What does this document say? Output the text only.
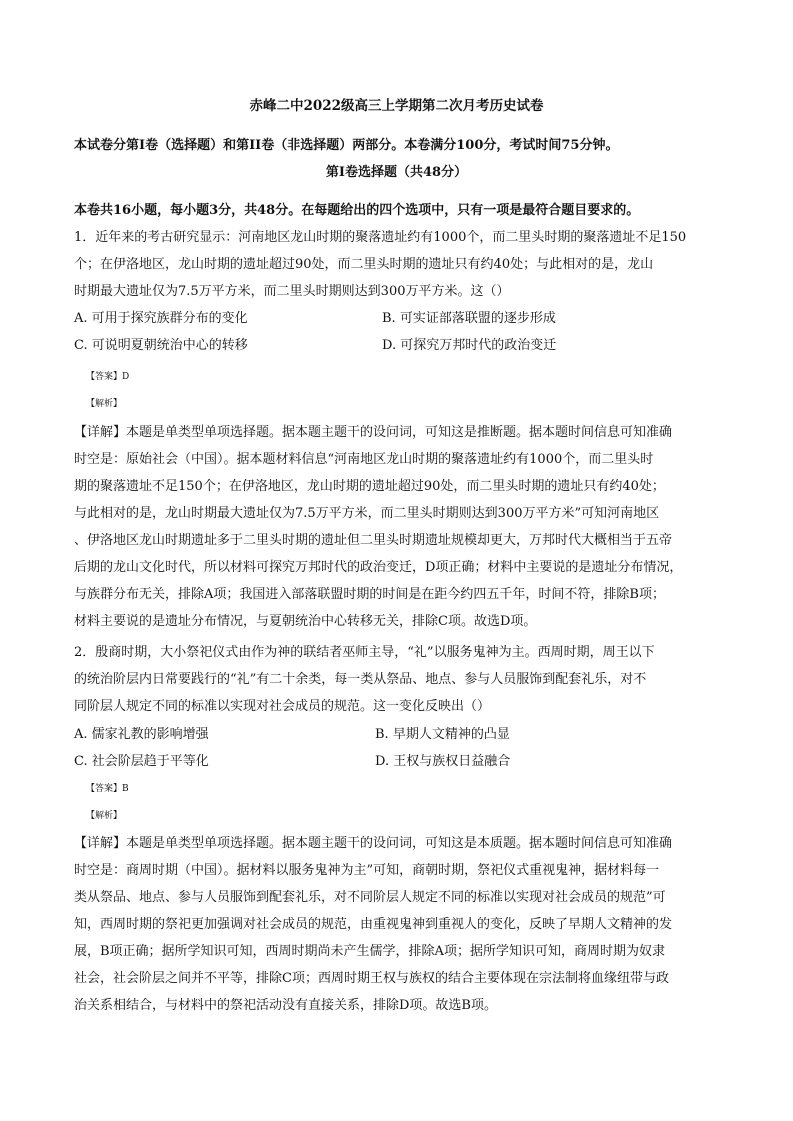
赤峰二中2022级高三上学期第二次月考历史试卷
本试卷分第I卷（选择题）和第II卷（非选择题）两部分。本卷满分100分，考试时间75分钟。
第I卷选择题（共48分）
本卷共16小题，每小题3分，共48分。在每题给出的四个选项中，只有一项是最符合题目要求的。
1．近年来的考古研究显示：河南地区龙山时期的聚落遗址约有1000个，而二里头时期的聚落遗址不足150
个；在伊洛地区，龙山时期的遗址超过90处，而二里头时期的遗址只有约40处；与此相对的是，龙山
时期最大遗址仅为7.5万平方米，而二里头时期则达到300万平方米。这（）
A. 可用于探究族群分布的变化	B. 可实证部落联盟的逐步形成
C. 可说明夏朝统治中心的转移	D. 可探究万邦时代的政治变迁
【答案】D
【解析】
【详解】本题是单类型单项选择题。据本题主题干的设问词，可知这是推断题。据本题时间信息可知准确
时空是：原始社会（中国）。据本题材料信息“河南地区龙山时期的聚落遗址约有1000个，而二里头时
期的聚落遗址不足150个；在伊洛地区，龙山时期的遗址超过90处，而二里头时期的遗址只有约40处；
与此相对的是，龙山时期最大遗址仅为7.5万平方米，而二里头时期则达到300万平方米”可知河南地区
、伊洛地区龙山时期遗址多于二里头时期的遗址但二里头时期遗址规模却更大，万邦时代大概相当于五帝
后期的龙山文化时代，所以材料可探究万邦时代的政治变迁，D项正确；材料中主要说的是遗址分布情况，
与族群分布无关，排除A项；我国进入部落联盟时期的时间是在距今约四五千年，时间不符，排除B项；
材料主要说的是遗址分布情况，与夏朝统治中心转移无关，排除C项。故选D项。
2．殷商时期，大小祭祀仪式由作为神的联结者巫师主导，“礼”以服务鬼神为主。西周时期，周王以下
的统治阶层内日常要践行的“礼”有二十余类，每一类从祭品、地点、参与人员服饰到配套礼乐，对不
同阶层人规定不同的标准以实现对社会成员的规范。这一变化反映出（）
A. 儒家礼教的影响增强	B. 早期人文精神的凸显
C. 社会阶层趋于平等化	D. 王权与族权日益融合
【答案】B
【解析】
【详解】本题是单类型单项选择题。据本题主题干的设问词，可知这是本质题。据本题时间信息可知准确
时空是：商周时期（中国）。据材料以服务鬼神为主”可知，商朝时期，祭祀仪式重视鬼神，据材料每一
类从祭品、地点、参与人员服饰到配套礼乐，对不同阶层人规定不同的标准以实现对社会成员的规范”可
知，西周时期的祭祀更加强调对社会成员的规范，由重视鬼神到重视人的变化，反映了早期人文精神的发
展，B项正确；据所学知识可知，西周时期尚未产生儒学，排除A项；据所学知识可知，商周时期为奴隶
社会，社会阶层之间并不平等，排除C项；西周时期王权与族权的结合主要体现在宗法制将血缘纽带与政
治关系相结合，与材料中的祭祀活动没有直接关系，排除D项。故选B项。
